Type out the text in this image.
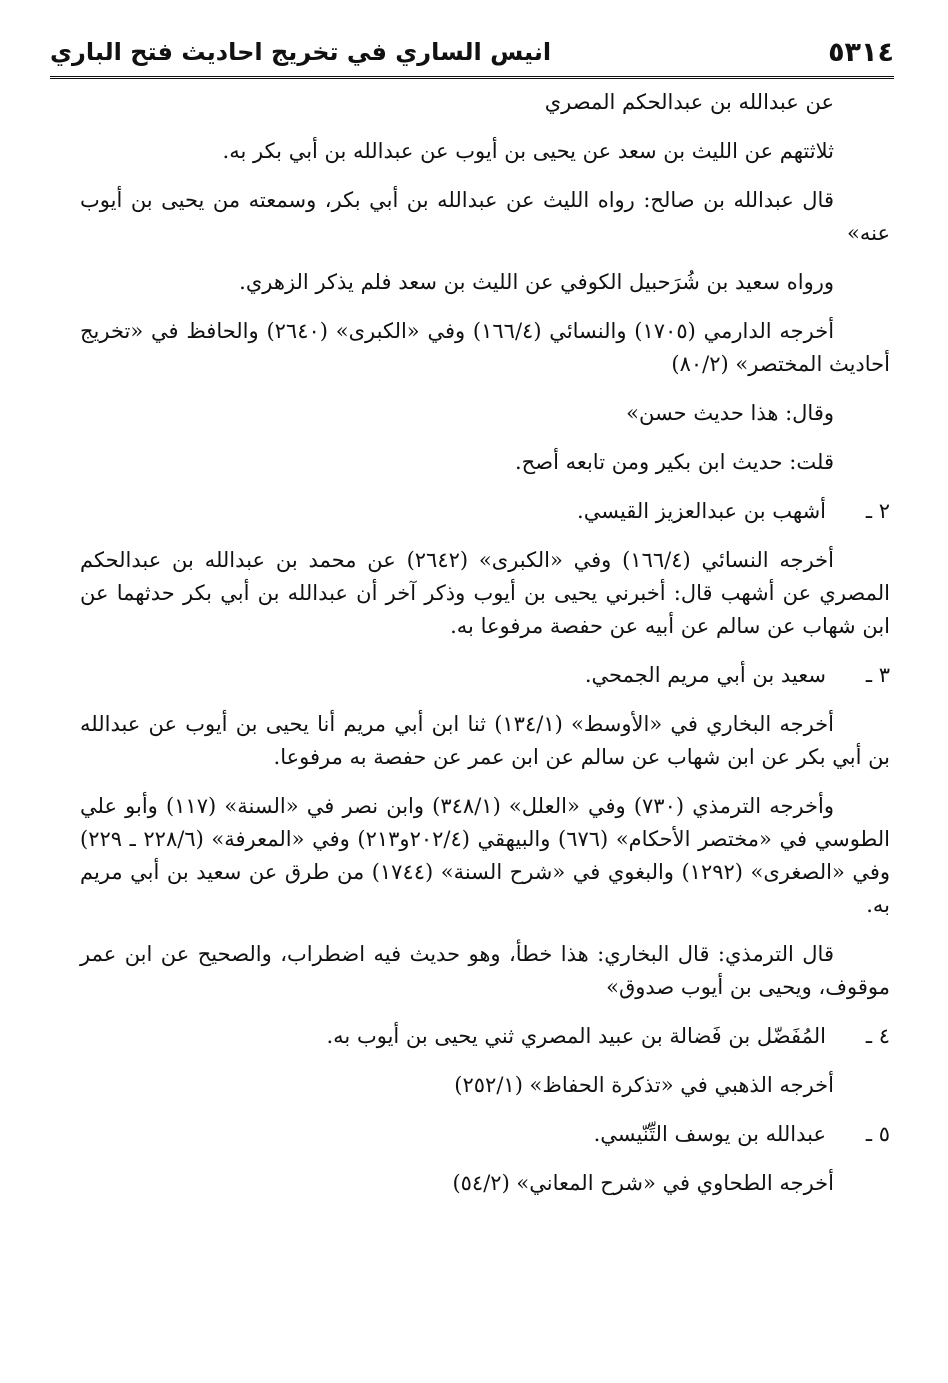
٥٣١٤
انيس الساري في تخريج احاديث فتح الباري

عن عبدالله بن عبدالحكم المصري

ثلاثتهم عن الليث بن سعد عن يحيى بن أيوب عن عبدالله بن أبي بكر به.

قال عبدالله بن صالح: رواه الليث عن عبدالله بن أبي بكر، وسمعته من يحيى بن أيوب عنه»

ورواه سعيد بن شُرَحبيل الكوفي عن الليث بن سعد فلم يذكر الزهري.

أخرجه الدارمي (١٧٠٥) والنسائي (١٦٦/٤) وفي «الكبرى» (٢٦٤٠) والحافظ في «تخريج أحاديث المختصر» (٨٠/٢)

وقال: هذا حديث حسن»

قلت: حديث ابن بكير ومن تابعه أصح.

٢ ـ
أشهب بن عبدالعزيز القيسي.

أخرجه النسائي (١٦٦/٤) وفي «الكبرى» (٢٦٤٢) عن محمد بن عبدالله بن عبدالحكم المصري عن أشهب قال: أخبرني يحيى بن أيوب وذكر آخر أن عبدالله بن أبي بكر حدثهما عن ابن شهاب عن سالم عن أبيه عن حفصة مرفوعا به.

٣ ـ
سعيد بن أبي مريم الجمحي.

أخرجه البخاري في «الأوسط» (١٣٤/١) ثنا ابن أبي مريم أنا يحيى بن أيوب عن عبدالله بن أبي بكر عن ابن شهاب عن سالم عن ابن عمر عن حفصة به مرفوعا.

وأخرجه الترمذي (٧٣٠) وفي «العلل» (٣٤٨/١) وابن نصر في «السنة» (١١٧) وأبو علي الطوسي في «مختصر الأحكام» (٦٧٦) والبيهقي (٢٠٢/٤و٢١٣) وفي «المعرفة» (٢٢٨/٦ ـ ٢٢٩) وفي «الصغرى» (١٢٩٢) والبغوي في «شرح السنة» (١٧٤٤) من طرق عن سعيد بن أبي مريم به.

قال الترمذي: قال البخاري: هذا خطأ، وهو حديث فيه اضطراب، والصحيح عن ابن عمر موقوف، ويحيى بن أيوب صدوق»

٤ ـ
المُفَضّل بن فَضالة بن عبيد المصري ثني يحيى بن أيوب به.

أخرجه الذهبي في «تذكرة الحفاظ» (٢٥٢/١)

٥ ـ
عبدالله بن يوسف التِّنّيسي.

أخرجه الطحاوي في «شرح المعاني» (٥٤/٢)
